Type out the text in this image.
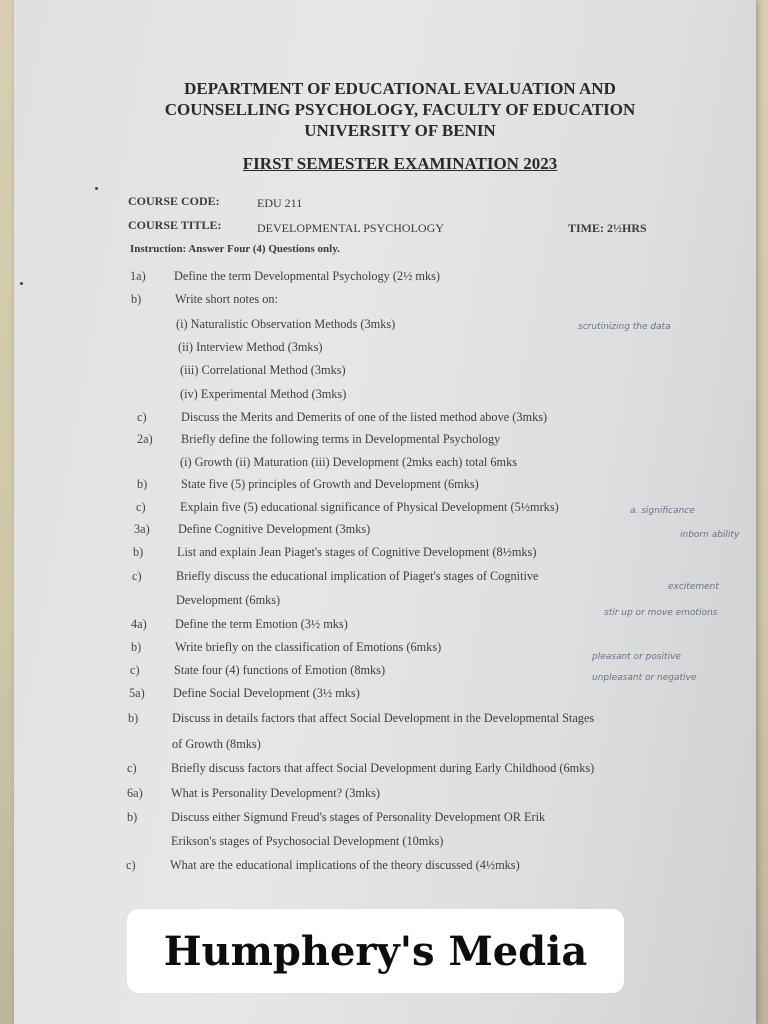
DEPARTMENT OF EDUCATIONAL EVALUATION AND
COUNSELLING PSYCHOLOGY, FACULTY OF EDUCATION
UNIVERSITY OF BENIN
FIRST SEMESTER EXAMINATION 2023
COURSE CODE:	EDU 211
COURSE TITLE:	DEVELOPMENTAL PSYCHOLOGY	TIME: 2½HRS
Instruction: Answer Four (4) Questions only.
1a) Define the term Developmental Psychology (2½ mks)
b)	Write short notes on:
(i) Naturalistic Observation Methods (3mks)
(ii) Interview Method (3mks)
(iii) Correlational Method (3mks)
(iv) Experimental Method (3mks)
c)	Discuss the Merits and Demerits of one of the listed method above (3mks)
2a) Briefly define the following terms in Developmental Psychology
(i) Growth (ii) Maturation (iii) Development (2mks each) total 6mks
b)	State five (5) principles of Growth and Development (6mks)
c)	Explain five (5) educational significance of Physical Development (5½mrks)
3a) Define Cognitive Development (3mks)
b)	List and explain Jean Piaget's stages of Cognitive Development (8½mks)
c)	Briefly discuss the educational implication of Piaget's stages of Cognitive
Development (6mks)
4a) Define the term Emotion (3½ mks)
b)	Write briefly on the classification of Emotions (6mks)
c)	State four (4) functions of Emotion (8mks)
5a) Define Social Development (3½ mks)
b)	Discuss in details factors that affect Social Development in the Developmental Stages
of Growth (8mks)
c)	Briefly discuss factors that affect Social Development during Early Childhood (6mks)
6a) What is Personality Development? (3mks)
b)	Discuss either Sigmund Freud's stages of Personality Development OR Erik
Erikson's stages of Psychosocial Development (10mks)
c)	What are the educational implications of the theory discussed (4½mks)
scrutinizing the data
a. significance
inborn ability
excitement
stir up or move emotions
pleasant or positive
unpleasant or negative
Humphery's Media
